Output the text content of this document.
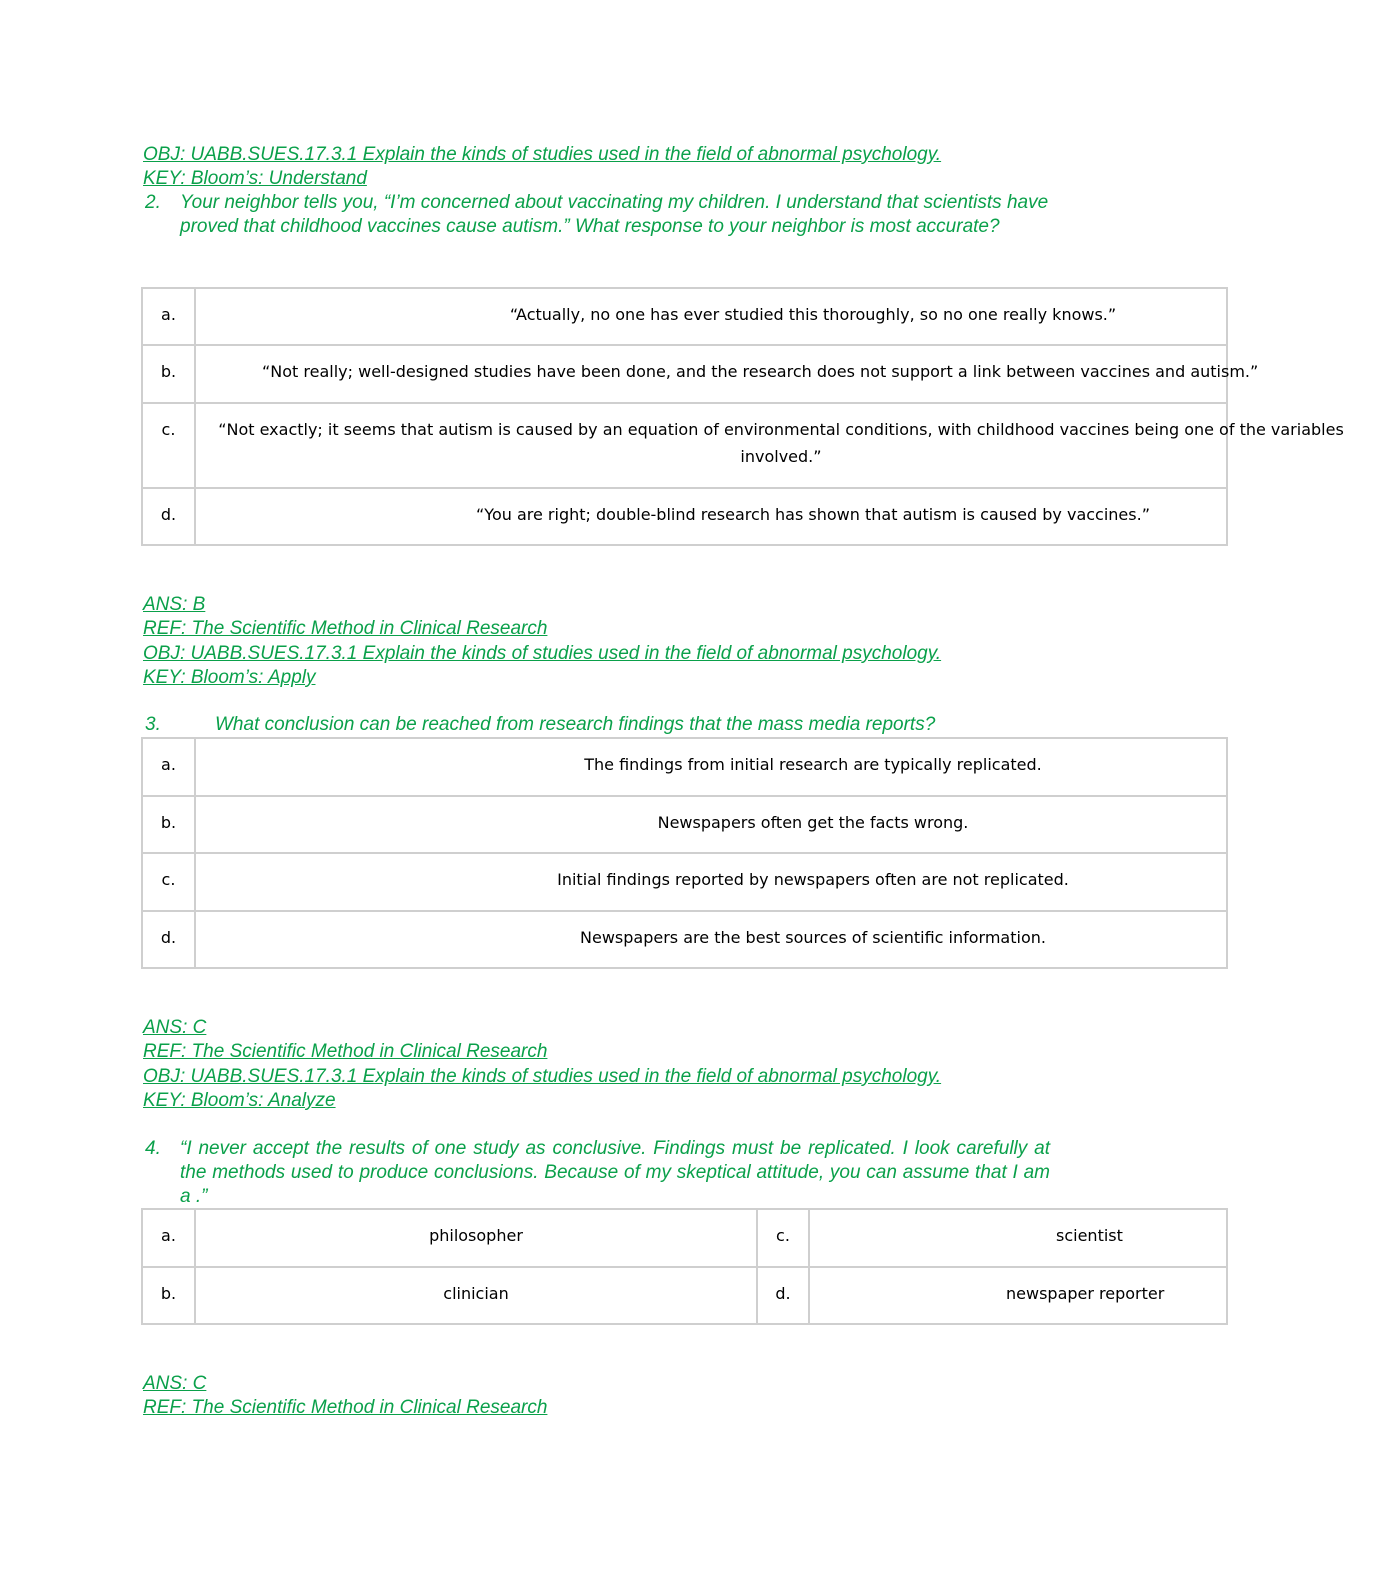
OBJ: UABB.SUES.17.3.1 Explain the kinds of studies used in the field of abnormal psychology.
KEY: Bloom’s: Understand
2. Your neighbor tells you, “I’m concerned about vaccinating my children. I understand that scientists have proved that childhood vaccines cause autism.” What response to your neighbor is most accurate?
a.	“Actually, no one has ever studied this thoroughly, so no one really knows.”
b.	“Not really; well-designed studies have been done, and the research does not support a link between vaccines and autism.”
c.	“Not exactly; it seems that autism is caused by an equation of environmental conditions, with childhood vaccines being one of the variables involved.”

d.	“You are right; double-blind research has shown that autism is caused by vaccines.”
ANS: B
REF: The Scientific Method in Clinical Research
OBJ: UABB.SUES.17.3.1 Explain the kinds of studies used in the field of abnormal psychology.
KEY: Bloom’s: Apply
3.	What conclusion can be reached from research findings that the mass media reports?
a.	The findings from initial research are typically replicated.
b.	Newspapers often get the facts wrong.
c.	Initial findings reported by newspapers often are not replicated.
d.	Newspapers are the best sources of scientific information.
ANS: C
REF: The Scientific Method in Clinical Research
OBJ: UABB.SUES.17.3.1 Explain the kinds of studies used in the field of abnormal psychology.
KEY: Bloom’s: Analyze
4. “I never accept the results of one study as conclusive. Findings must be replicated. I look carefully at the methods used to produce conclusions. Because of my skeptical attitude, you can assume that I am a .”
a.	philosopher	c.	scientist
b.	clinician	d.	newspaper reporter
ANS: C
REF: The Scientific Method in Clinical Research
